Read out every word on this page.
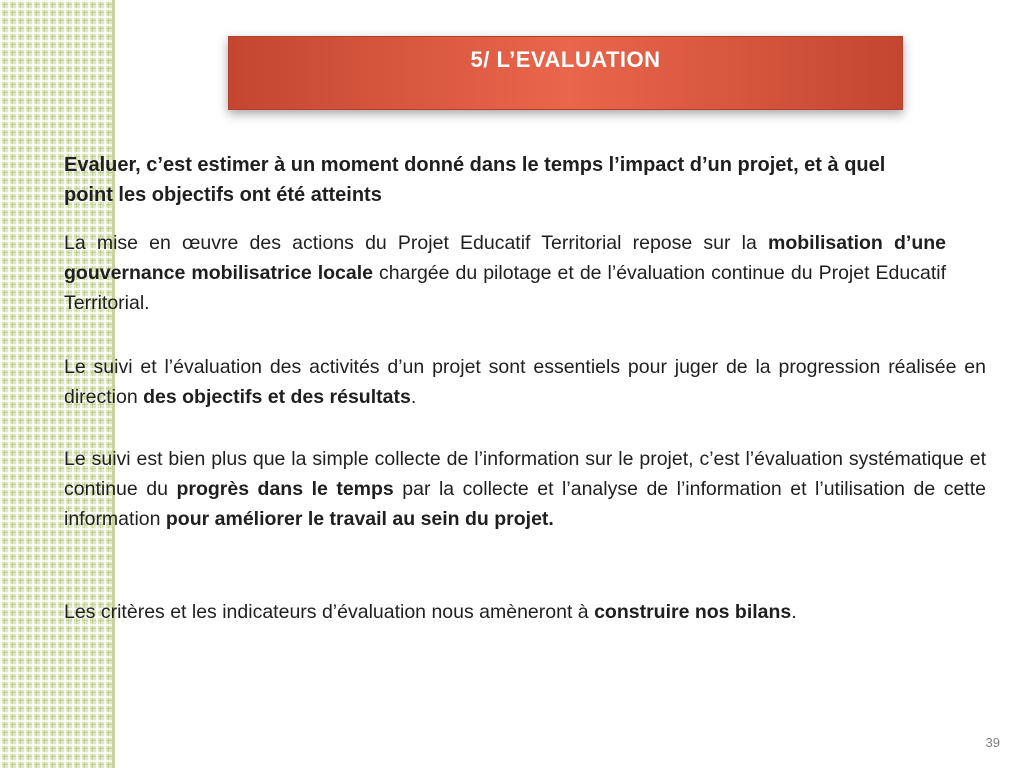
5/ L’EVALUATION

Evaluer, c’est estimer à un moment donné dans le temps l’impact d’un projet, et à quel point les objectifs ont été atteints

La mise en œuvre des actions du Projet Educatif Territorial repose sur la mobilisation d’une gouvernance mobilisatrice locale chargée du pilotage et de l’évaluation continue du Projet Educatif Territorial.

Le suivi et l’évaluation des activités d’un projet sont essentiels pour juger de la progression réalisée en direction des objectifs et des résultats.

Le suivi est bien plus que la simple collecte de l’information sur le projet, c’est l’évaluation systématique et continue du progrès dans le temps par la collecte et l’analyse de l’information et l’utilisation de cette information pour améliorer le travail au sein du projet.

Les critères et les indicateurs d’évaluation nous amèneront à construire nos bilans.

39
